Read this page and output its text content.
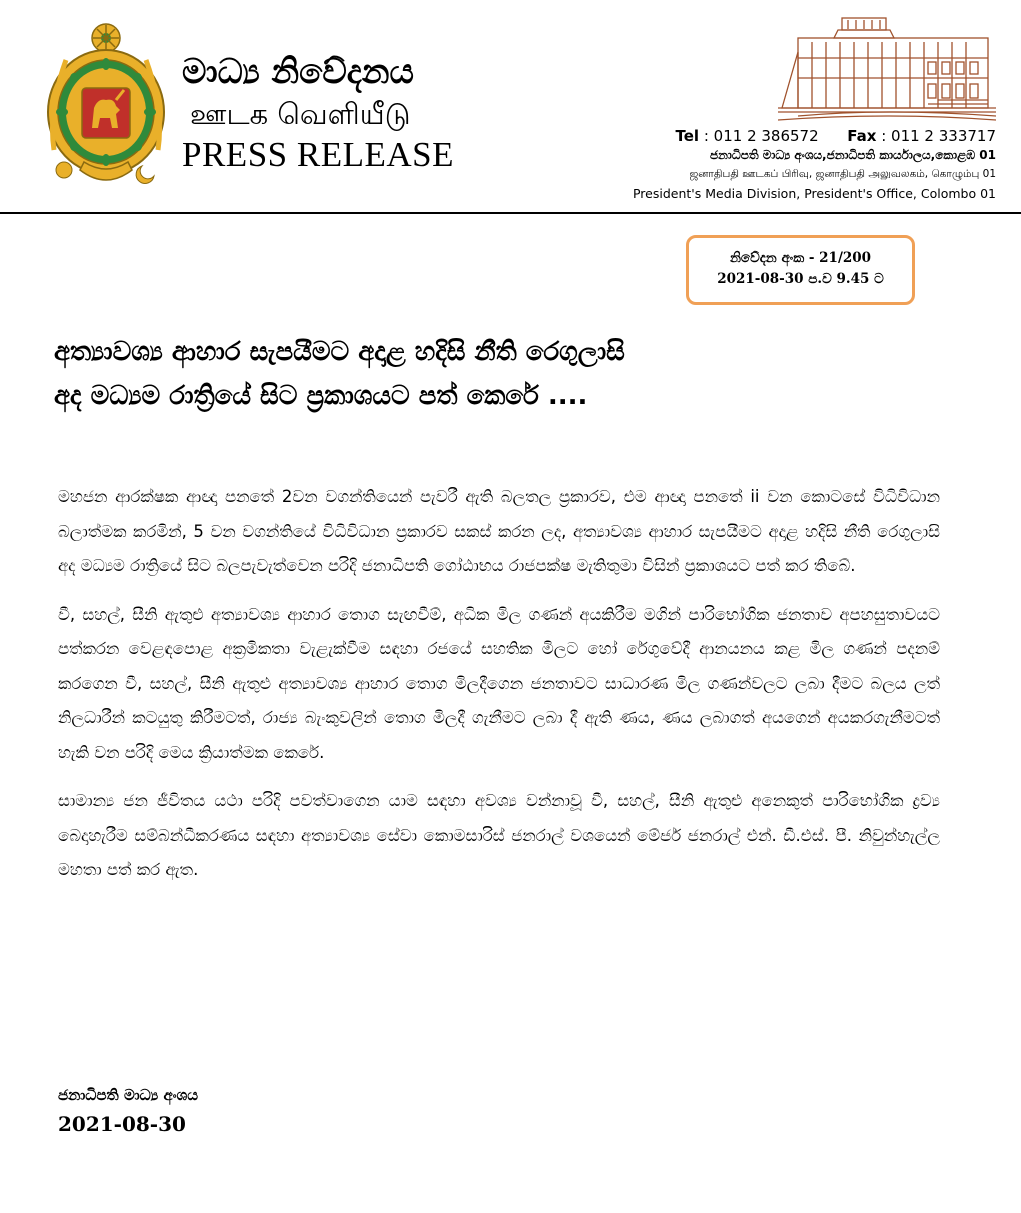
මාධ්‍ය නිවේදනය
ஊடக வெளியீடு
PRESS RELEASE	Tel : 011 2 386572 Fax : 011 2 333717
ජනාධිපති මාධ්‍ය අංශය,ජනාධිපති කාර්යාලය,කොළඹ 01
ஜனாதிபதி ஊடகப் பிரிவு, ஜனாதிபதி அலுவலகம், கொழும்பு 01
President's Media Division, President's Office, Colombo 01
නිවේදන අංක - 21/200
2021-08-30 ප.ව 9.45 ට
අත්‍යාවශ්‍ය ආහාර සැපයීමට අදාළ හදිසි නීති රෙගුලාසි
අද මධ්‍යම රාත්‍රියේ සිට ප්‍රකාශයට පත් කෙරේ ....

මහජන ආරක්ෂක ආඥා පනතේ 2වන වගන්තියෙන් පැවරී ඇති බලතල ප්‍රකාරව, එම ආඥා පනතේ ii වන කොටසේ විධිවිධාන බලාත්මක කරමින්, 5 වන වගන්තියේ විධිවිධාන ප්‍රකාරව සකස් කරන ලද, අත්‍යාවශ්‍ය ආහාර සැපයීමට අදාළ හදිසි නීති රෙගුලාසි අද මධ්‍යම රාත්‍රියේ සිට බලපැවැත්වෙන පරිදි ජනාධිපති ගෝඨාභය රාජපක්ෂ මැතිතුමා විසින් ප්‍රකාශයට පත් කර තිබේ.

වී, සහල්, සීනි ඇතුළු අත්‍යාවශ්‍ය ආහාර තොග සැඟවීම්, අධික මිල ගණන් අයකිරීම මගින් පාරිභෝගික ජනතාව අපහසුතාවයට පත්කරන වෙළඳපොළ අක්‍රමිකතා වැළැක්වීම සඳහා රජයේ සහතික මිලට හෝ රේගුවේදී ආනයනය කළ මිල ගණන් පදනම් කරගෙන වී, සහල්, සීනි ඇතුළු අත්‍යාවශ්‍ය ආහාර තොග මිලදීගෙන ජනතාවට සාධාරණ මිල ගණන්වලට ලබා දීමට බලය ලත් නිලධාරීන් කටයුතු කිරීමටත්, රාජ්‍ය බැංකුවලින් තොග මිලදී ගැනීමට ලබා දී ඇති ණය, ණය ලබාගත් අයගෙන් අයකරගැනීමටත් හැකි වන පරිදි මෙය ක්‍රියාත්මක කෙරේ.

සාමාන්‍ය ජන ජීවිතය යථා පරිදි පවත්වාගෙන යාම සඳහා අවශ්‍ය වන්නාවූ වී, සහල්, සීනි ඇතුළු අනෙකුත් පාරිභෝගික ද්‍රව්‍ය බෙදාහැරීම සම්බන්ධීකරණය සඳහා අත්‍යාවශ්‍ය සේවා කොමසාරිස් ජනරාල් වශයෙන් මේජර් ජනරාල් එන්. ඩී.එස්. පී. නිවුන්හැල්ල මහතා පත් කර ඇත.

ජනාධිපති මාධ්‍ය අංශය
2021-08-30
